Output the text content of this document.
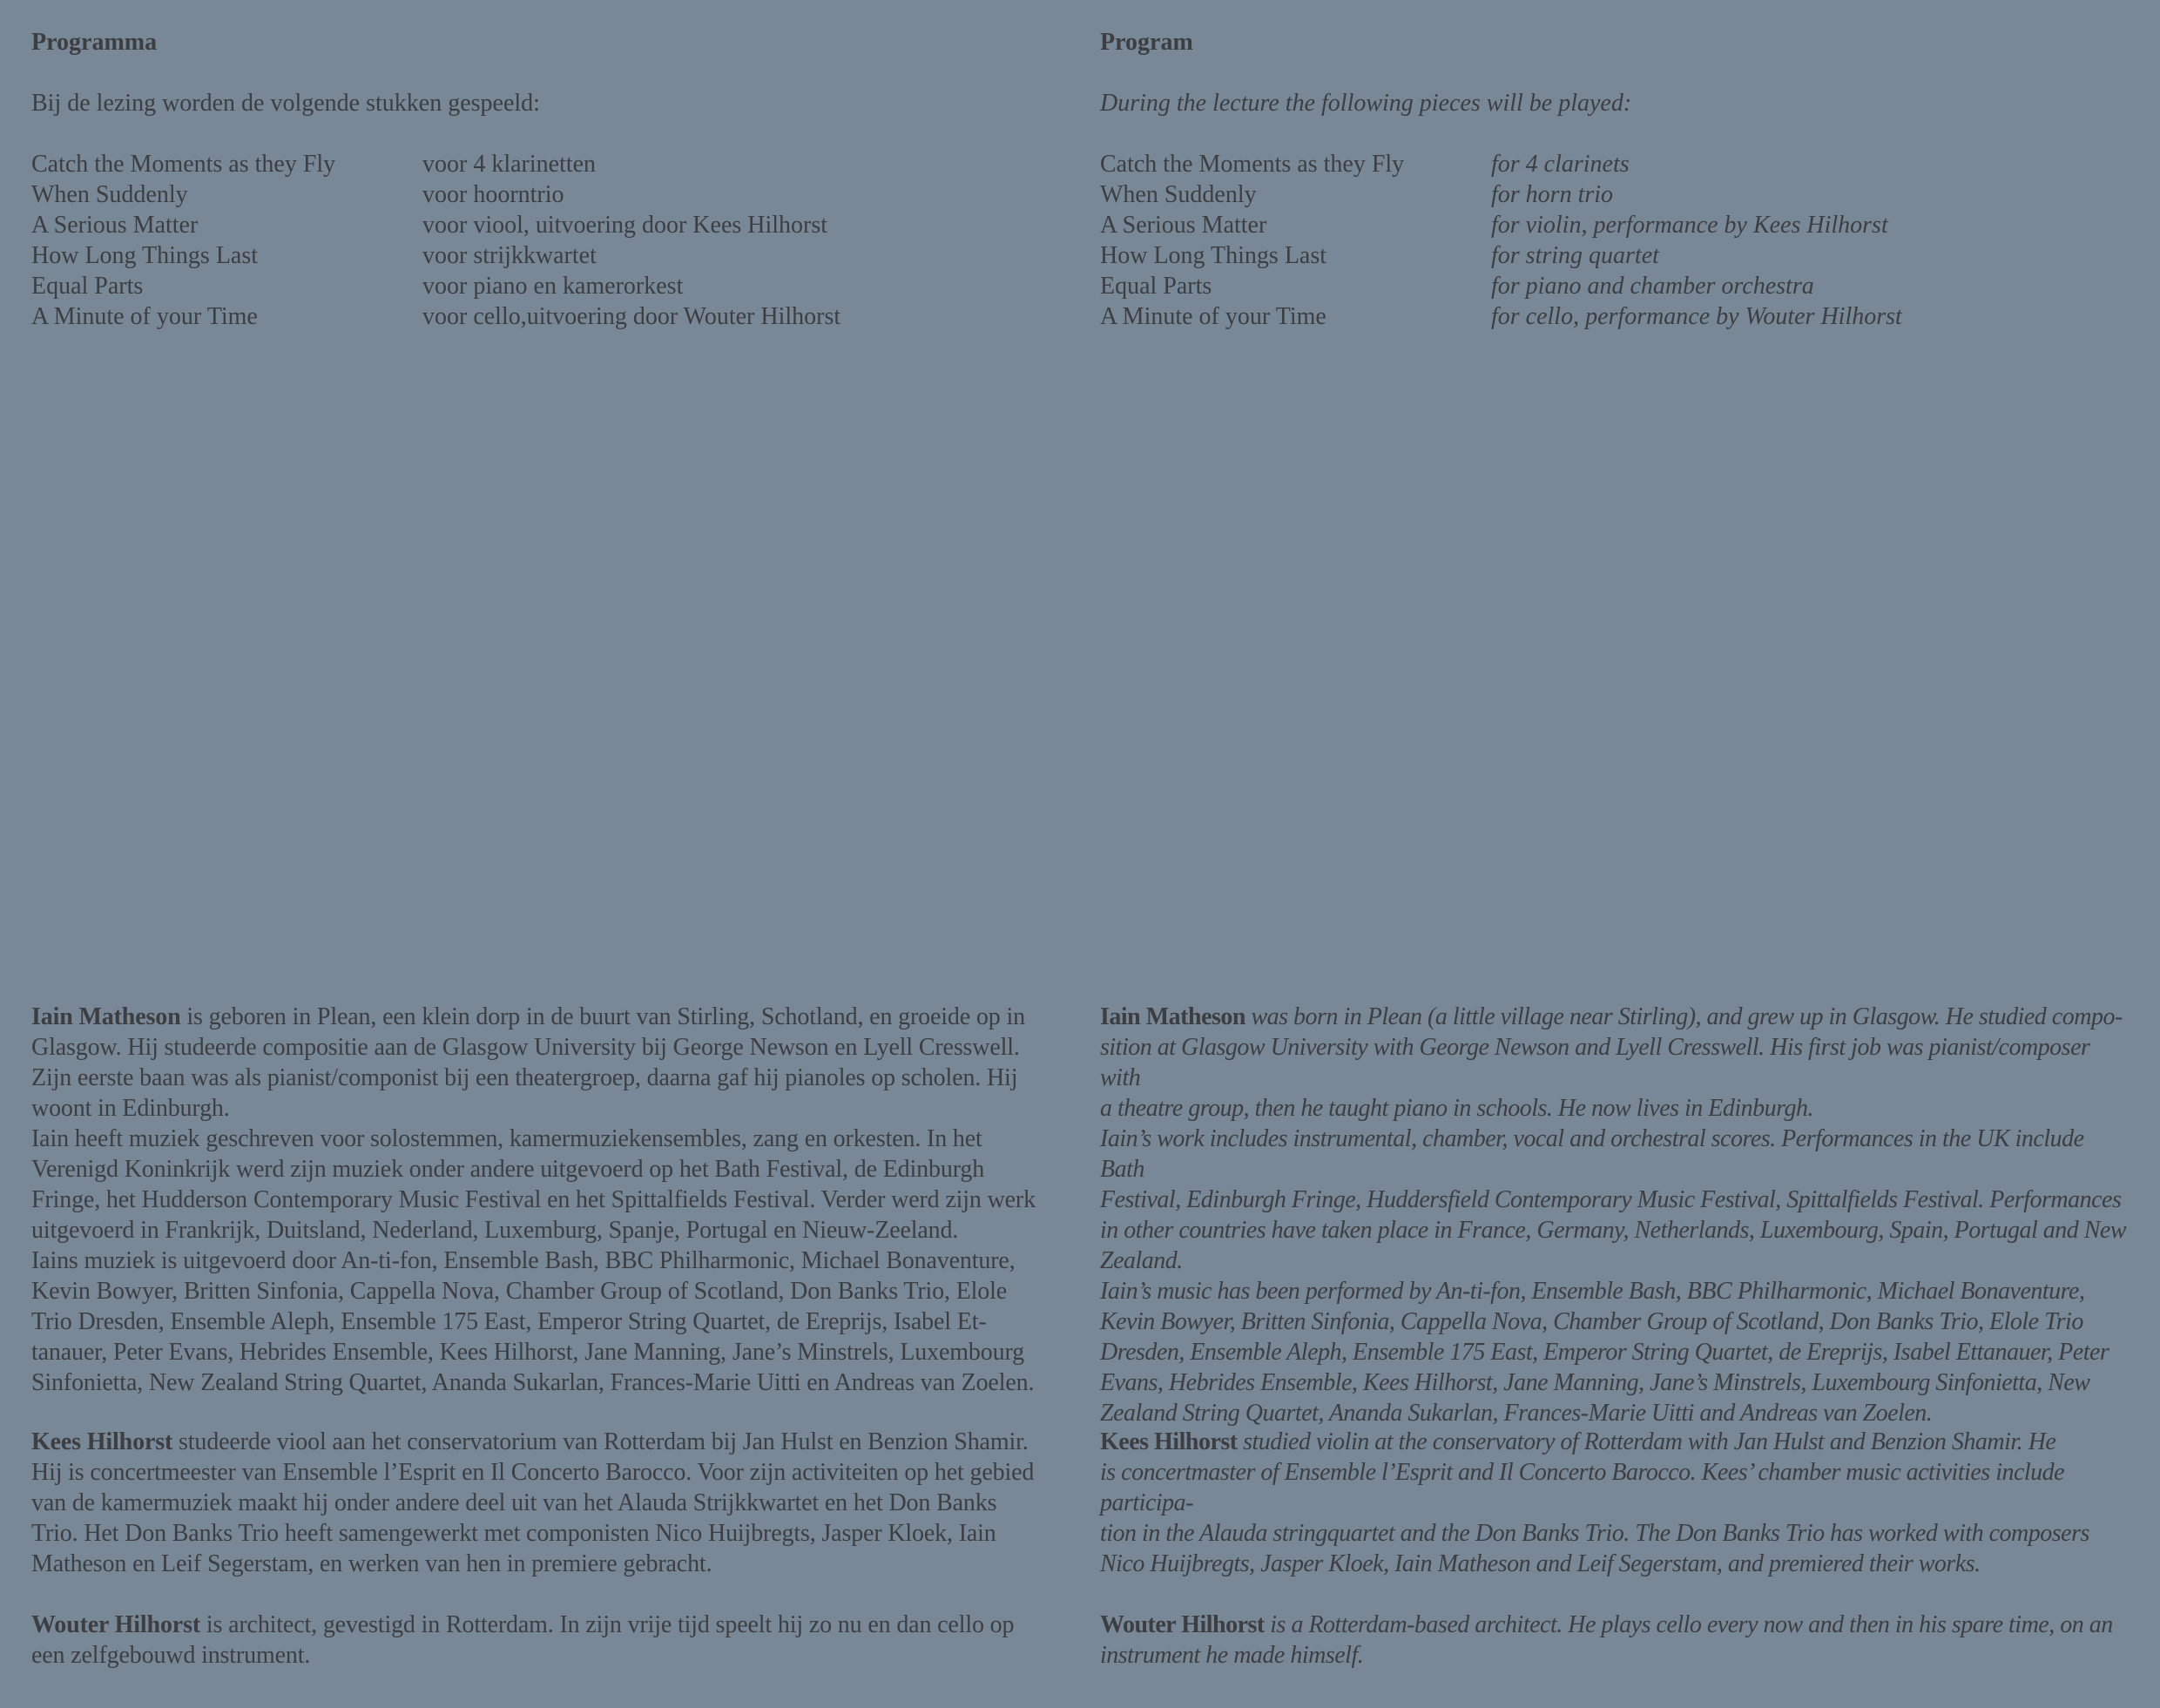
Programma

Bij de lezing worden de volgende stukken gespeeld:

Catch the Moments as they Fly	voor 4 klarinetten
When Suddenly	voor hoorntrio
A Serious Matter	voor viool, uitvoering door Kees Hilhorst
How Long Things Last	voor strijkkwartet
Equal Parts	voor piano en kamerorkest
A Minute of your Time	voor cello,uitvoering door Wouter Hilhorst

Iain Matheson is geboren in Plean, een klein dorp in de buurt van Stirling, Schotland, en groeide op in

Glasgow. Hij studeerde compositie aan de Glasgow University bij George Newson en Lyell Cresswell.

Zijn eerste baan was als pianist/componist bij een theatergroep, daarna gaf hij pianoles op scholen. Hij

woont in Edinburgh.

Iain heeft muziek geschreven voor solostemmen, kamermuziekensembles, zang en orkesten. In het

Verenigd Koninkrijk werd zijn muziek onder andere uitgevoerd op het Bath Festival, de Edinburgh

Fringe, het Hudderson Contemporary Music Festival en het Spittalfields Festival. Verder werd zijn werk

uitgevoerd in Frankrijk, Duitsland, Nederland, Luxemburg, Spanje, Portugal en Nieuw-Zeeland.

Iains muziek is uitgevoerd door An-ti-fon, Ensemble Bash, BBC Philharmonic, Michael Bonaventure,

Kevin Bowyer, Britten Sinfonia, Cappella Nova, Chamber Group of Scotland, Don Banks Trio, Elole

Trio Dresden, Ensemble Aleph, Ensemble 175 East, Emperor String Quartet, de Ereprijs, Isabel Et-

tanauer, Peter Evans, Hebrides Ensemble, Kees Hilhorst, Jane Manning, Jane’s Minstrels, Luxembourg

Sinfonietta, New Zealand String Quartet, Ananda Sukarlan, Frances-Marie Uitti en Andreas van Zoelen.

Kees Hilhorst studeerde viool aan het conservatorium van Rotterdam bij Jan Hulst en Benzion Shamir.

Hij is concertmeester van Ensemble l’Esprit en Il Concerto Barocco. Voor zijn activiteiten op het gebied

van de kamermuziek maakt hij onder andere deel uit van het Alauda Strijkkwartet en het Don Banks

Trio. Het Don Banks Trio heeft samengewerkt met componisten Nico Huijbregts, Jasper Kloek, Iain

Matheson en Leif Segerstam, en werken van hen in premiere gebracht.

Wouter Hilhorst is architect, gevestigd in Rotterdam. In zijn vrije tijd speelt hij zo nu en dan cello op

een zelfgebouwd instrument.

Program

During the lecture the following pieces will be played:

Catch the Moments as they Fly	for 4 clarinets
When Suddenly	for horn trio
A Serious Matter	for violin, performance by Kees Hilhorst
How Long Things Last	for string quartet
Equal Parts	for piano and chamber orchestra
A Minute of your Time	for cello, performance by Wouter Hilhorst

Iain Matheson was born in Plean (a little village near Stirling), and grew up in Glasgow. He studied compo-

sition at Glasgow University with George Newson and Lyell Cresswell. His first job was pianist/composer with

a theatre group, then he taught piano in schools. He now lives in Edinburgh.

Iain’s work includes instrumental, chamber, vocal and orchestral scores. Performances in the UK include Bath

Festival, Edinburgh Fringe, Huddersfield Contemporary Music Festival, Spittalfields Festival. Performances

in other countries have taken place in France, Germany, Netherlands, Luxembourg, Spain, Portugal and New

Zealand.

Iain’s music has been performed by An-ti-fon, Ensemble Bash, BBC Philharmonic, Michael Bonaventure,

Kevin Bowyer, Britten Sinfonia, Cappella Nova, Chamber Group of Scotland, Don Banks Trio, Elole Trio

Dresden, Ensemble Aleph, Ensemble 175 East, Emperor String Quartet, de Ereprijs, Isabel Ettanauer, Peter

Evans, Hebrides Ensemble, Kees Hilhorst, Jane Manning, Jane’s Minstrels, Luxembourg Sinfonietta, New

Zealand String Quartet, Ananda Sukarlan, Frances-Marie Uitti and Andreas van Zoelen.

Kees Hilhorst studied violin at the conservatory of Rotterdam with Jan Hulst and Benzion Shamir. He

is concertmaster of Ensemble l’Esprit and Il Concerto Barocco. Kees’ chamber music activities include participa-

tion in the Alauda stringquartet and the Don Banks Trio. The Don Banks Trio has worked with composers

Nico Huijbregts, Jasper Kloek, Iain Matheson and Leif Segerstam, and premiered their works.

Wouter Hilhorst is a Rotterdam-based architect. He plays cello every now and then in his spare time, on an

instrument he made himself.
